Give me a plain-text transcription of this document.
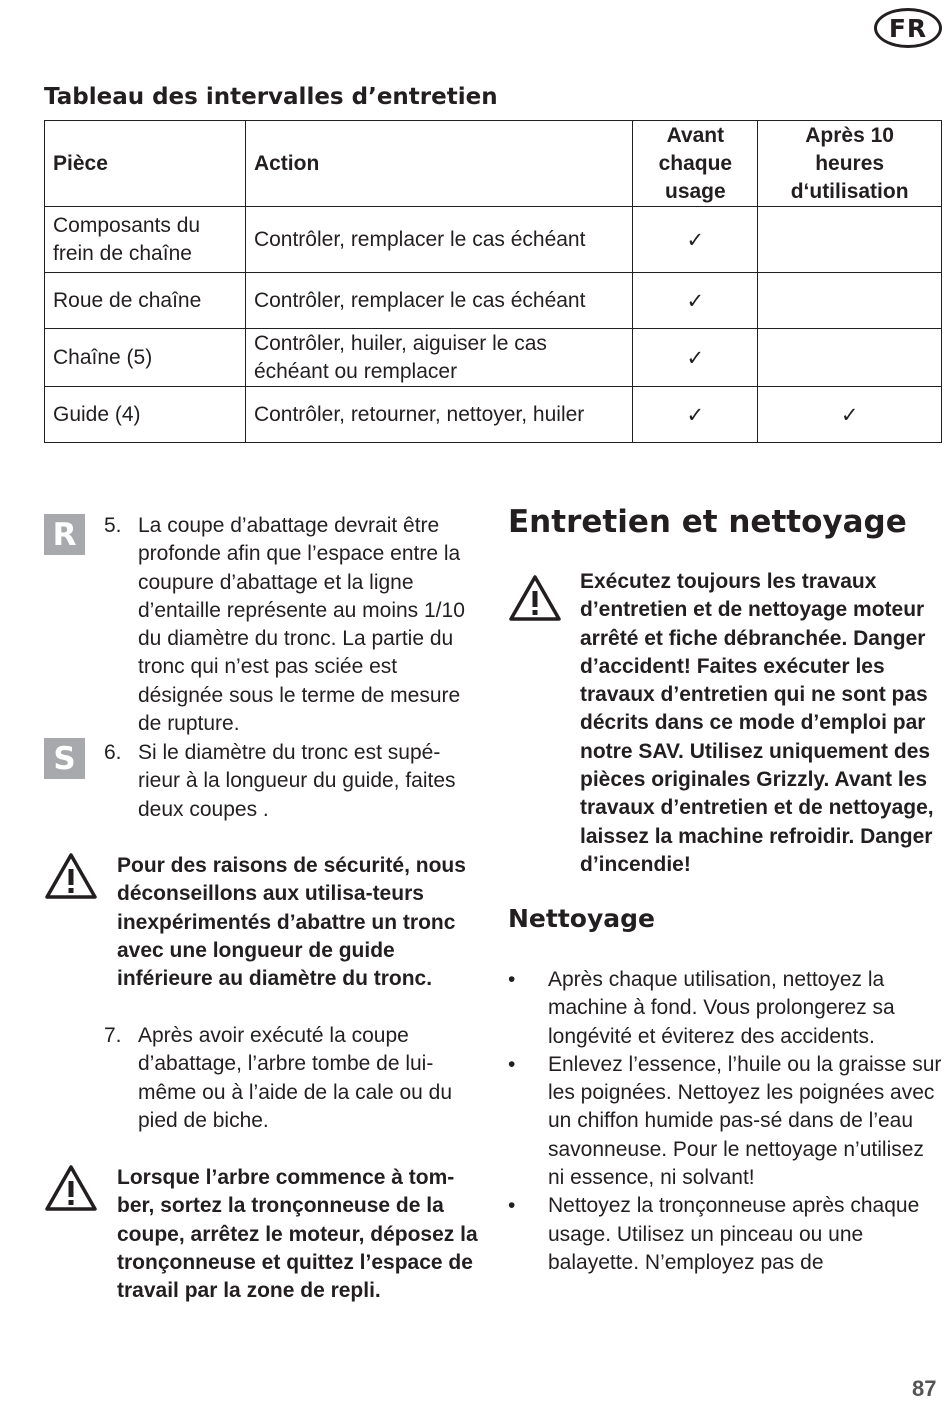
FR
Tableau des intervalles d’entretien
Pièce	Action	Avant chaque usage	Après 10 heures d‘utilisation

Composants du frein de chaîne	Contrôler, remplacer le cas échéant	✓	
Roue de chaîne	Contrôler, remplacer le cas échéant	✓	
Chaîne (5)	Contrôler, huiler, aiguiser le cas échéant ou remplacer	✓	
Guide (4)	Contrôler, retourner, nettoyer, huiler	✓	✓
R
S
5. La coupe d’abattage devrait être profonde afin que l’espace entre la coupure d’abattage et la ligne d’entaille représente au moins 1/10 du diamètre du tronc. La partie du tronc qui n’est pas sciée est désignée sous le terme de mesure de rupture.
6. Si le diamètre du tronc est supé-rieur à la longueur du guide, faites deux coupes .
Pour des raisons de sécurité, nous déconseillons aux utilisa-teurs inexpérimentés d’abattre un tronc avec une longueur de guide inférieure au diamètre du tronc.
7. Après avoir exécuté la coupe d’abattage, l’arbre tombe de lui-même ou à l’aide de la cale ou du pied de biche.
Lorsque l’arbre commence à tom-ber, sortez la tronçonneuse de la coupe, arrêtez le moteur, déposez la tronçonneuse et quittez l’espace de travail par la zone de repli.
Entretien et nettoyage
Exécutez toujours les travaux d’entretien et de nettoyage moteur arrêté et fiche débranchée. Danger d’accident! Faites exécuter les travaux d’entretien qui ne sont pas décrits dans ce mode d’emploi par notre SAV. Utilisez uniquement des pièces originales Grizzly. Avant les travaux d’entretien et de nettoyage, laissez la machine refroidir. Danger d’incendie!
Nettoyage
• Après chaque utilisation, nettoyez la machine à fond. Vous prolongerez sa longévité et éviterez des accidents.
• Enlevez l’essence, l’huile ou la graisse sur les poignées. Nettoyez les poignées avec un chiffon humide pas-sé dans de l’eau savonneuse. Pour le nettoyage n’utilisez ni essence, ni solvant!
• Nettoyez la tronçonneuse après chaque usage. Utilisez un pinceau ou une balayette. N’employez pas de
87
